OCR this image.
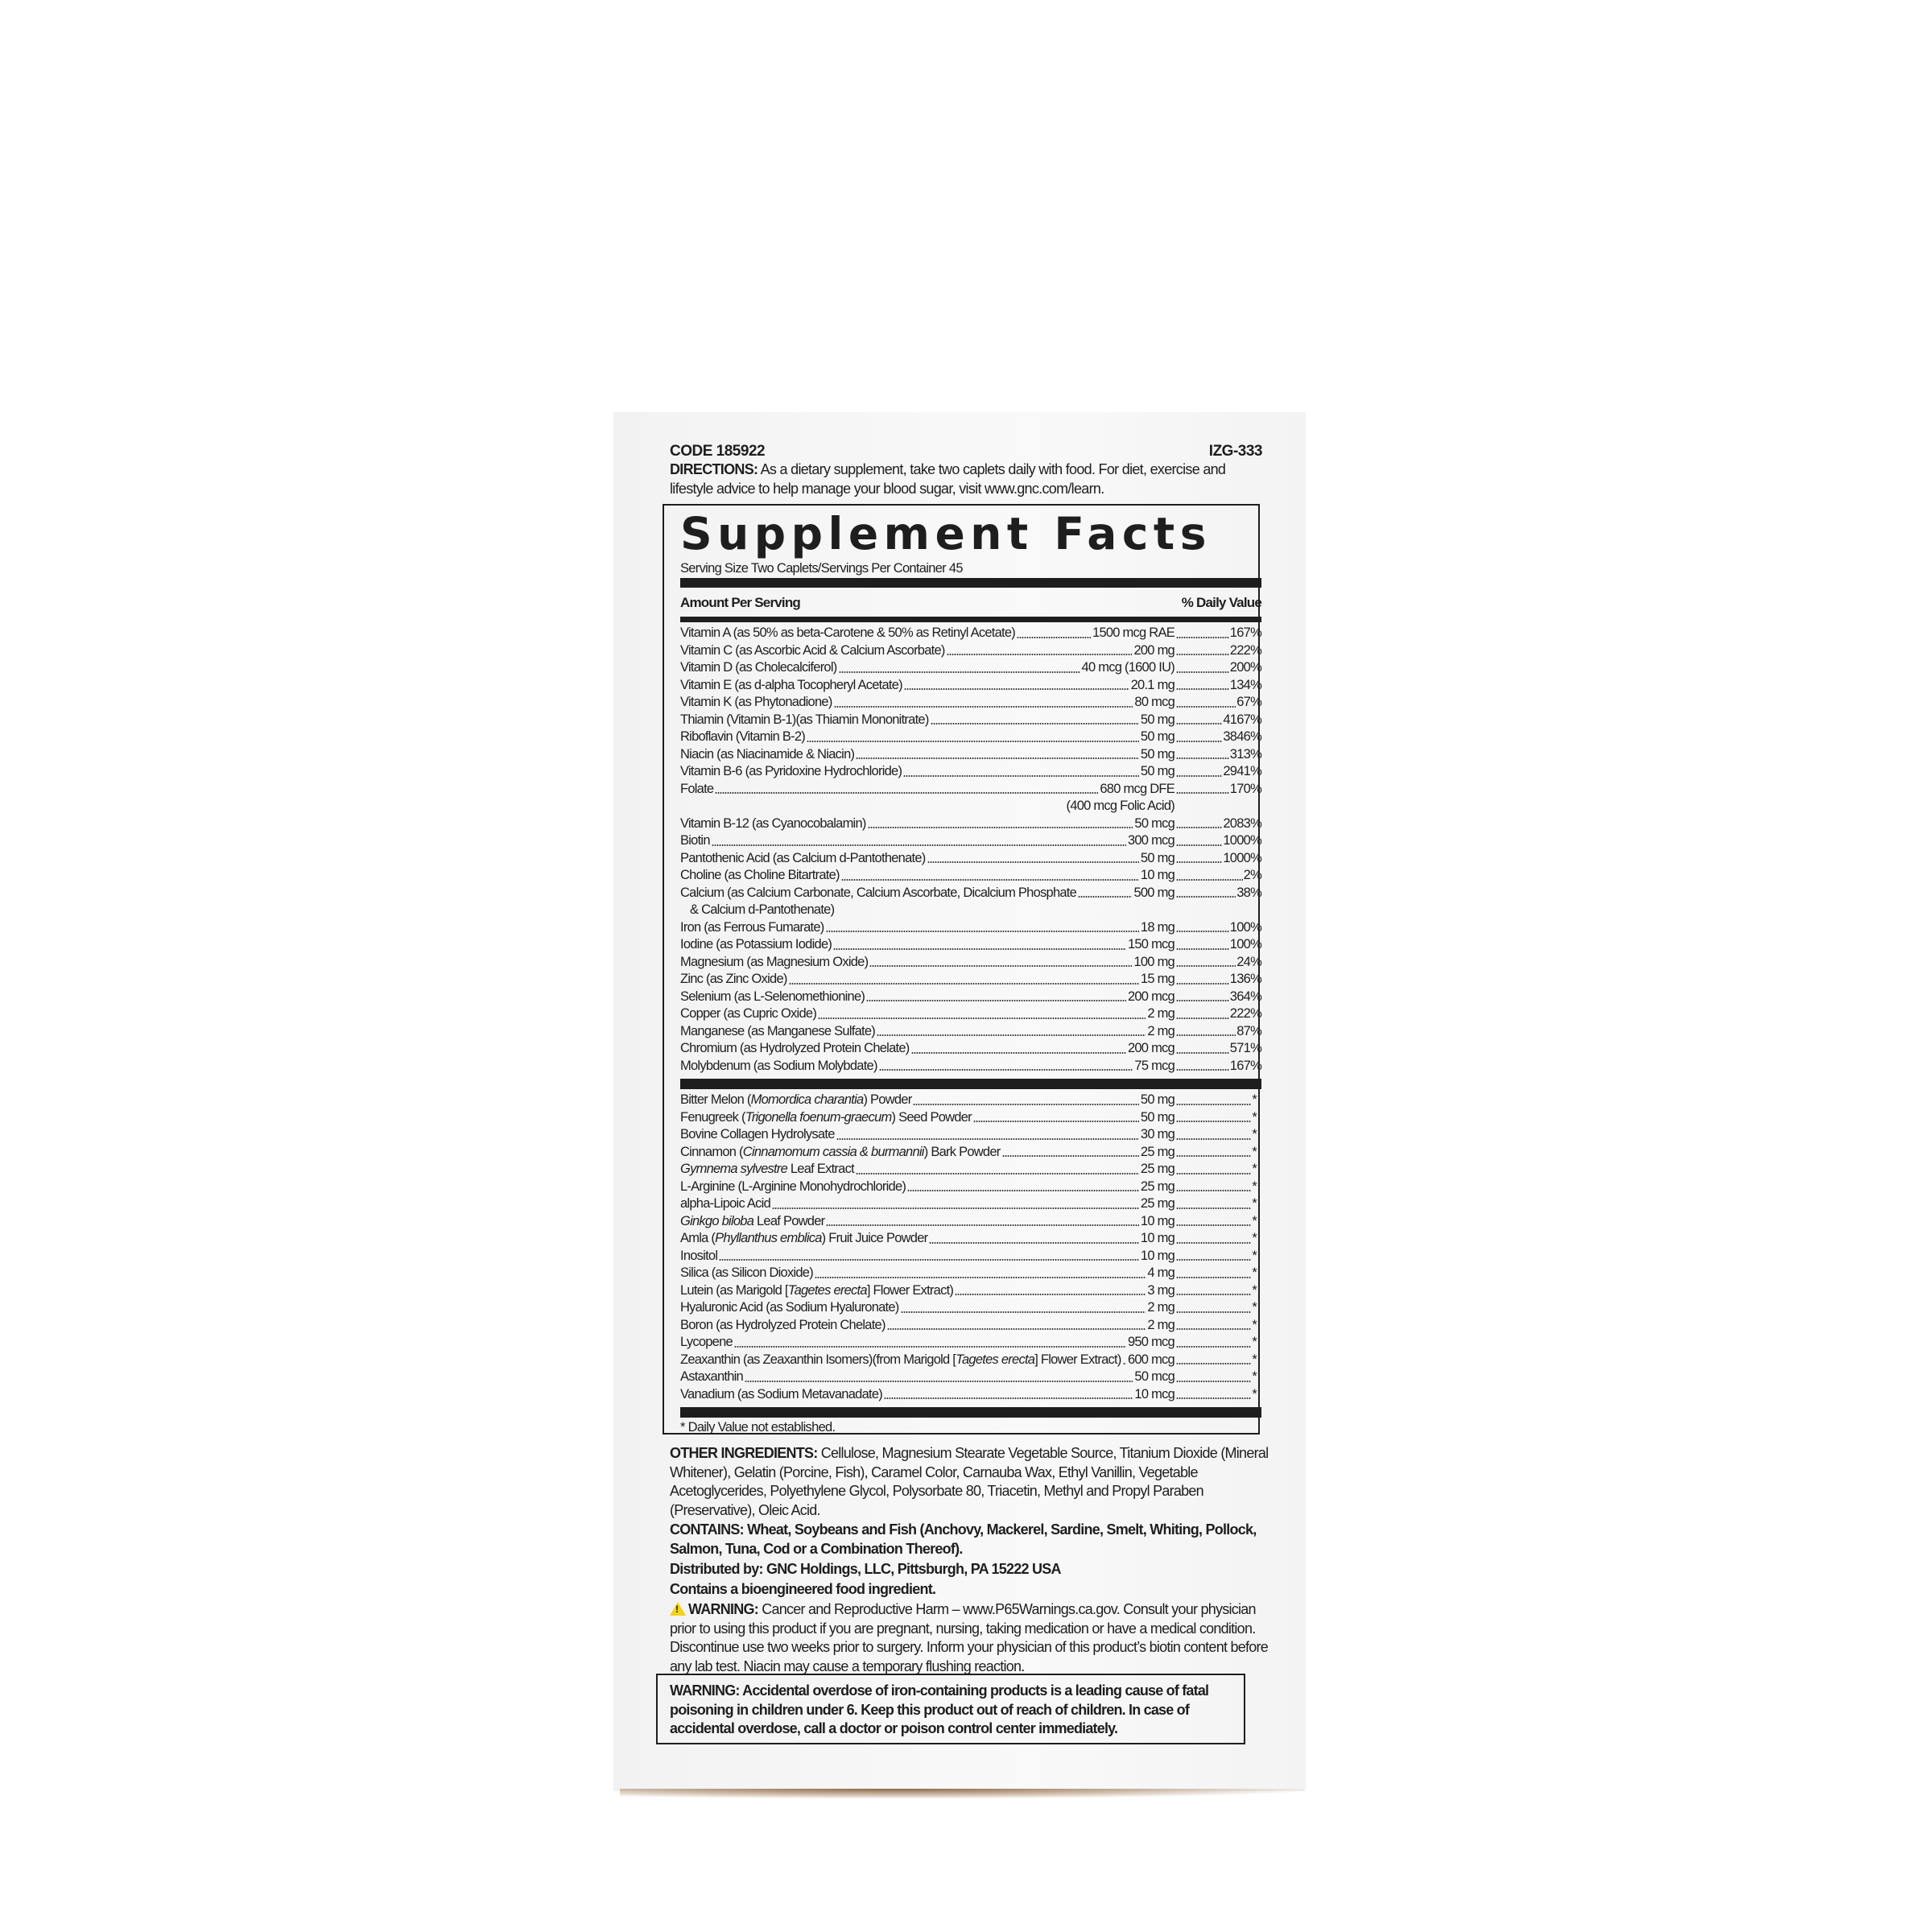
CODE 185922	IZG-333
DIRECTIONS: As a dietary supplement, take two caplets daily with food. For diet, exercise and lifestyle advice to help manage your blood sugar, visit www.gnc.com/learn.
Supplement Facts
Serving Size Two Caplets/Servings Per Container 45
Amount Per Serving	% Daily Value
Vitamin A (as 50% as beta-Carotene & 50% as Retinyl Acetate)	1500 mcg RAE	167%
Vitamin C (as Ascorbic Acid & Calcium Ascorbate)	200 mg	222%
Vitamin D (as Cholecalciferol)	40 mcg (1600 IU)	200%
Vitamin E (as d-alpha Tocopheryl Acetate)	20.1 mg	134%
Vitamin K (as Phytonadione)	80 mcg	67%
Thiamin (Vitamin B-1)(as Thiamin Mononitrate)	50 mg	4167%
Riboflavin (Vitamin B-2)	50 mg	3846%
Niacin (as Niacinamide & Niacin)	50 mg	313%
Vitamin B-6 (as Pyridoxine Hydrochloride)	50 mg	2941%
Folate	680 mcg DFE	170%
(400 mcg Folic Acid)
Vitamin B-12 (as Cyanocobalamin)	50 mcg	2083%
Biotin	300 mcg	1000%
Pantothenic Acid (as Calcium d-Pantothenate)	50 mg	1000%
Choline (as Choline Bitartrate)	10 mg	2%
Calcium (as Calcium Carbonate, Calcium Ascorbate, Dicalcium Phosphate	500 mg	38%
& Calcium d-Pantothenate)
Iron (as Ferrous Fumarate)	18 mg	100%
Iodine (as Potassium Iodide)	150 mcg	100%
Magnesium (as Magnesium Oxide)	100 mg	24%
Zinc (as Zinc Oxide)	15 mg	136%
Selenium (as L-Selenomethionine)	200 mcg	364%
Copper (as Cupric Oxide)	2 mg	222%
Manganese (as Manganese Sulfate)	2 mg	87%
Chromium (as Hydrolyzed Protein Chelate)	200 mcg	571%
Molybdenum (as Sodium Molybdate)	75 mcg	167%
Bitter Melon (Momordica charantia) Powder	50 mg	*
Fenugreek (Trigonella foenum-graecum) Seed Powder	50 mg	*
Bovine Collagen Hydrolysate	30 mg	*
Cinnamon (Cinnamomum cassia & burmannii) Bark Powder	25 mg	*
Gymnema sylvestre Leaf Extract	25 mg	*
L-Arginine (L-Arginine Monohydrochloride)	25 mg	*
alpha-Lipoic Acid	25 mg	*
Ginkgo biloba Leaf Powder	10 mg	*
Amla (Phyllanthus emblica) Fruit Juice Powder	10 mg	*
Inositol	10 mg	*
Silica (as Silicon Dioxide)	4 mg	*
Lutein (as Marigold [Tagetes erecta] Flower Extract)	3 mg	*
Hyaluronic Acid (as Sodium Hyaluronate)	2 mg	*
Boron (as Hydrolyzed Protein Chelate)	2 mg	*
Lycopene	950 mcg	*
Zeaxanthin (as Zeaxanthin Isomers)(from Marigold [Tagetes erecta] Flower Extract) 600 mcg	*
Astaxanthin	50 mcg	*
Vanadium (as Sodium Metavanadate)	10 mcg	*
* Daily Value not established.
OTHER INGREDIENTS: Cellulose, Magnesium Stearate Vegetable Source, Titanium Dioxide (Mineral Whitener), Gelatin (Porcine, Fish), Caramel Color, Carnauba Wax, Ethyl Vanillin, Vegetable Acetoglycerides, Polyethylene Glycol, Polysorbate 80, Triacetin, Methyl and Propyl Paraben (Preservative), Oleic Acid.
CONTAINS: Wheat, Soybeans and Fish (Anchovy, Mackerel, Sardine, Smelt, Whiting, Pollock, Salmon, Tuna, Cod or a Combination Thereof).
Distributed by: GNC Holdings, LLC, Pittsburgh, PA 15222 USA
Contains a bioengineered food ingredient.
!WARNING: Cancer and Reproductive Harm – www.P65Warnings.ca.gov. Consult your physician prior to using this product if you are pregnant, nursing, taking medication or have a medical condition. Discontinue use two weeks prior to surgery. Inform your physician of this product’s biotin content before any lab test. Niacin may cause a temporary flushing reaction.
WARNING: Accidental overdose of iron-containing products is a leading cause of fatal poisoning in children under 6. Keep this product out of reach of children. In case of accidental overdose, call a doctor or poison control center immediately.
